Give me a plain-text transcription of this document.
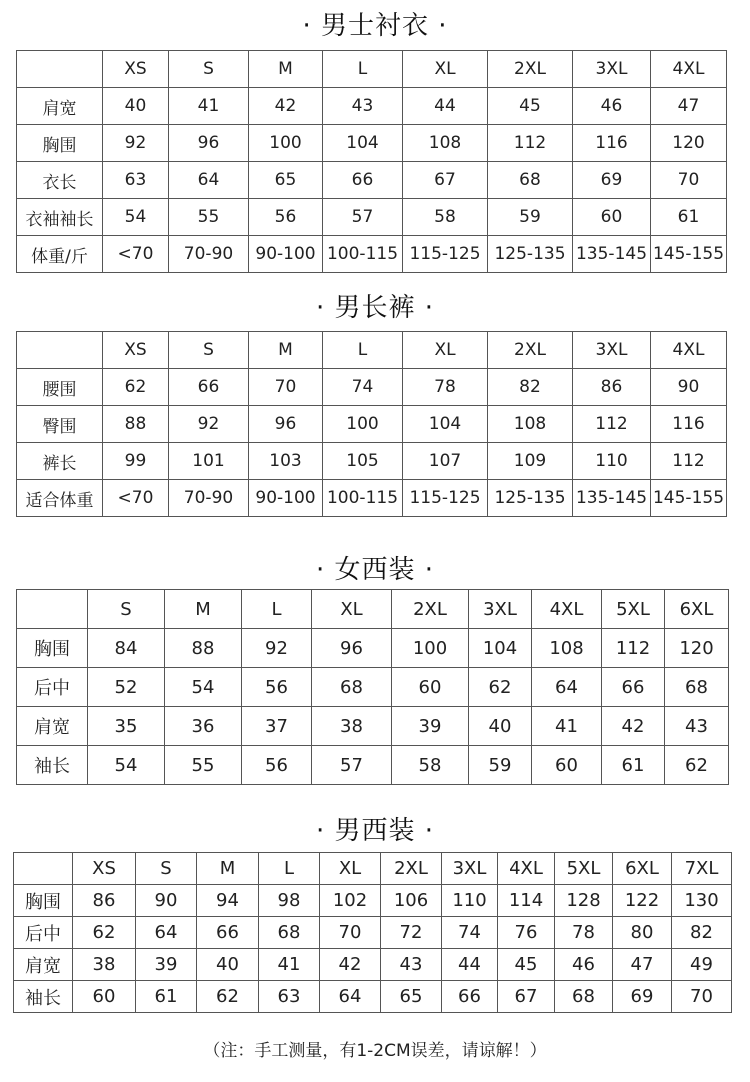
· 男士衬衣 ·
	XS	S	M	L	XL	2XL	3XL	4XL
肩宽	40	41	42	43	44	45	46	47
胸围	92	96	100	104	108	112	116	120
衣长	63	64	65	66	67	68	69	70
衣袖袖长	54	55	56	57	58	59	60	61
体重/斤	<70	70-90	90-100	100-115	115-125	125-135	135-145	145-155
· 男长裤 ·
	XS	S	M	L	XL	2XL	3XL	4XL
腰围	62	66	70	74	78	82	86	90
臀围	88	92	96	100	104	108	112	116
裤长	99	101	103	105	107	109	110	112
适合体重	<70	70-90	90-100	100-115	115-125	125-135	135-145	145-155
· 女西装 ·
	S	M	L	XL	2XL	3XL	4XL	5XL	6XL
胸围	84	88	92	96	100	104	108	112	120
后中	52	54	56	68	60	62	64	66	68
肩宽	35	36	37	38	39	40	41	42	43
袖长	54	55	56	57	58	59	60	61	62
· 男西装 ·
	XS	S	M	L	XL	2XL	3XL	4XL	5XL	6XL	7XL
胸围	86	90	94	98	102	106	110	114	128	122	130
后中	62	64	66	68	70	72	74	76	78	80	82
肩宽	38	39	40	41	42	43	44	45	46	47	49
袖长	60	61	62	63	64	65	66	67	68	69	70
（注：手工测量，有1-2CM误差，请谅解！）
